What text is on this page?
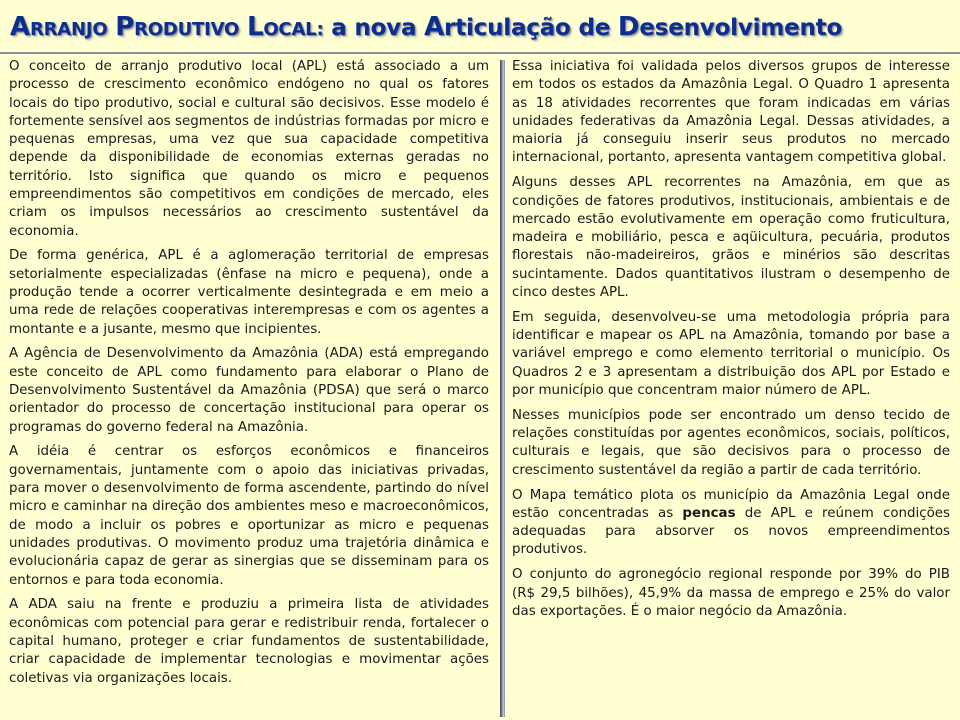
ARRANJO PRODUTIVO LOCAL: a nova Articulação de Desenvolvimento

O conceito de arranjo produtivo local (APL) está associado a um processo de crescimento econômico endógeno no qual os fatores locais do tipo produtivo, social e cultural são decisivos. Esse modelo é fortemente sensível aos segmentos de indústrias formadas por micro e pequenas empresas, uma vez que sua capacidade competitiva depende da disponibilidade de economias externas geradas no território. Isto significa que quando os micro e pequenos empreendimentos são competitivos em condições de mercado, eles criam os impulsos necessários ao crescimento sustentável da economia.

De forma genérica, APL é a aglomeração territorial de empresas setorialmente especializadas (ênfase na micro e pequena), onde a produção tende a ocorrer verticalmente desintegrada e em meio a uma rede de relações cooperativas interempresas e com os agentes a montante e a jusante, mesmo que incipientes.

A Agência de Desenvolvimento da Amazônia (ADA) está empregando este conceito de APL como fundamento para elaborar o Plano de Desenvolvimento Sustentável da Amazônia (PDSA) que será o marco orientador do processo de concertação institucional para operar os programas do governo federal na Amazônia.

A idéia é centrar os esforços econômicos e financeiros governamentais, juntamente com o apoio das iniciativas privadas, para mover o desenvolvimento de forma ascendente, partindo do nível micro e caminhar na direção dos ambientes meso e macroeconômicos, de modo a incluir os pobres e oportunizar as micro e pequenas unidades produtivas. O movimento produz uma trajetória dinâmica e evolucionária capaz de gerar as sinergias que se disseminam para os entornos e para toda economia.

A ADA saiu na frente e produziu a primeira lista de atividades econômicas com potencial para gerar e redistribuir renda, fortalecer o capital humano, proteger e criar fundamentos de sustentabilidade, criar capacidade de implementar tecnologias e movimentar ações coletivas via organizações locais.

Essa iniciativa foi validada pelos diversos grupos de interesse em todos os estados da Amazônia Legal. O Quadro 1 apresenta as 18 atividades recorrentes que foram indicadas em várias unidades federativas da Amazônia Legal. Dessas atividades, a maioria já conseguiu inserir seus produtos no mercado internacional, portanto, apresenta vantagem competitiva global.

Alguns desses APL recorrentes na Amazônia, em que as condições de fatores produtivos, institucionais, ambientais e de mercado estão evolutivamente em operação como fruticultura, madeira e mobiliário, pesca e aqüicultura, pecuária, produtos florestais não-madeireiros, grãos e minérios são descritas sucintamente. Dados quantitativos ilustram o desempenho de cinco destes APL.

Em seguida, desenvolveu-se uma metodologia própria para identificar e mapear os APL na Amazônia, tomando por base a variável emprego e como elemento territorial o município. Os Quadros 2 e 3 apresentam a distribuição dos APL por Estado e por município que concentram maior número de APL.

Nesses municípios pode ser encontrado um denso tecido de relações constituídas por agentes econômicos, sociais, políticos, culturais e legais, que são decisivos para o processo de crescimento sustentável da região a partir de cada território.

O Mapa temático plota os município da Amazônia Legal onde estão concentradas as pencas de APL e reúnem condições adequadas para absorver os novos empreendimentos produtivos.

O conjunto do agronegócio regional responde por 39% do PIB (R$ 29,5 bilhões), 45,9% da massa de emprego e 25% do valor das exportações. É o maior negócio da Amazônia.
